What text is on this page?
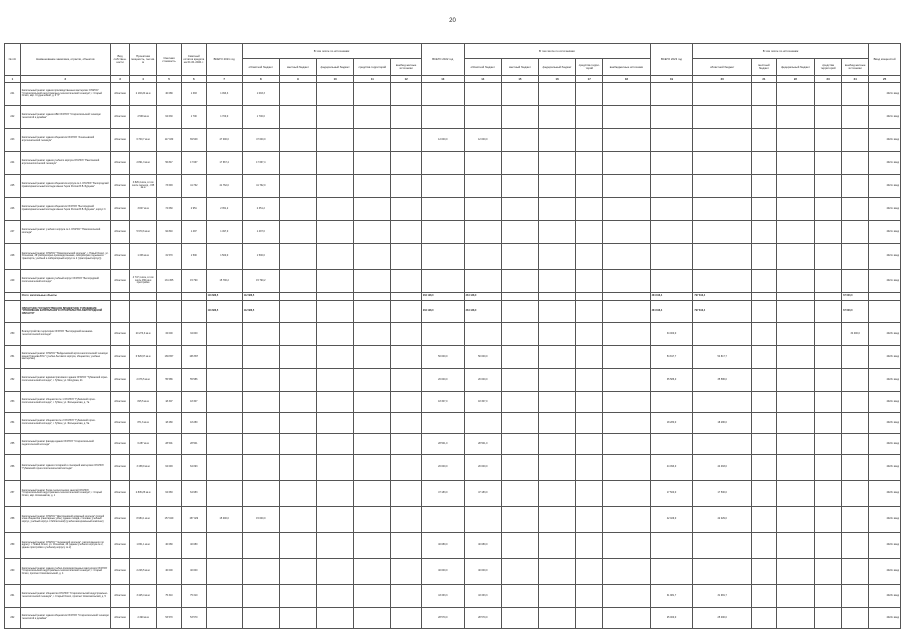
20
№ п/п	Наименование заказчика, отрасли, объектов	Вид собствен-ности	Проектная мощность, тыс.кв. м	Сметная стоимость	Сметный остаток кредита на 01.01.2021 г.	ВСЕГО 2021 год	В том числе по источникам:					ВСЕГО 2022 год	В том числе по источникам:					ВСЕГО 2023 год	В том числе по источникам:					Ввод мощностей
							областной бюджет	местный бюджет	федеральный бюджет	средства территорий	внебюд-жетные источники		областной бюджет	местный бюджет	федеральный бюджет	средства терри-торий	внебюджетные источники		областной бюджет	местный бюджет	федеральный бюджет	средства территорий	внебюд-жетные источники	
1	2	3	4	5	6	7	8	9	10	11	12	13	14	15	16	17	18	19	20	21	22	23	24	25
241	Капитальный ремонт здания производственных мастерских ОГАПОУ "Старооскольский индустриально-технологический техникум", г. Старый Оскол, мкр. Студенческий, д. 6 "б"	областная	2 193,20 кв.м	40 089	1 393	1 093,3	1 093,3																	2021г. ввод
242	Капитальный ремонт здания АБК ОГАПОУ "Старооскольский техникум технологий и дизайна"	областная	2 569 кв.м	64 630	1 700	1 700,0	1 700,0																	2021г. ввод
243	Капитальный ремонт здания общежития ОГАПОУ "Алексеевский агротехнический техникум"	областная	6 700,7 кв.м	117 030	69 549	47 000,0	47 000,0					12 000,0	12 000,0											2022г. ввод
244	Капитальный ремонт здания учебного корпуса ОГАПОУ "Ракитянский агротехнологический техникум"	областная	2 891,3 кв.м	56 847	17 667	17 667,4	17 667,4																	2021г. ввод
245	Капитальный ремонт здания общежития корпуса № 1 ОГАПОУ "Белгородский правоохранительный колледж имени Героя России В.В. Бурцева"	областная	3 826,4 кв.м, в том числе переход - 155 кв.м	73 693	41 762	41 762,0	41 762,0																	2021г. ввод
246	Капитальный ремонт здания общежития ОГАПОУ "Белгородский правоохранительный колледж имени Героя России В.В. Бурцева", корпус 3	областная	3 847 кв.м	74 660	2 951	2 351,2	2 351,2																	2021г. ввод
247	Капитальный ремонт учебного корпуса № 1 ОГАПОУ "Новооскольский колледж"	областная	5 970,6 кв.м	92 840	1 497	1 497,0	1 497,0																	2021г. ввод
248	Капитальный ремонт ОГАПОУ "Новооскольский колледж", г. Новый Оскол, ул. Успенская, 48 (лабораторно-производственная, лаборатории подъемного транспорта, учебный и лабораторный корпус № 2 (тракторный корпус))	областная	1 336 кв.м	31 570	1 500	1 500,0	1 500,0																	2021г. ввод
249	Капитальный ремонт здания учебный корпус ОГАПОУ "Белгородский политехнический колледж"	областная	4 747,1 кв.м, в том числе 450 кв.м пристройки	131 455	15 790	15 790,2	15 790,2																	2021г. ввод
	Итого: капитальные объекты					113 686,5	112 686,5					264 128,0	264 128,0					464 816,4	797 816,4				67 000,0	
	ОБЛАСТНОЕ ГОСУДАРСТВЕННОЕ БЮДЖЕТНОЕ УЧРЕЖДЕНИЕ "УПРАВЛЕНИЕ КАПИТАЛЬНОГО СТРОИТЕЛЬСТВА БЕЛГОРОДСКОЙ ОБЛАСТИ"					113 686,5	112 686,5					264 128,0	264 128,0					464 816,4	797 816,4				67 000,0	
250	Благоустройство территории ОГАПОУ "Белгородский механико-технологический колледж"	областная	20 273,3 кв.м	34 000	34 000													34 000,0					34 000,0	2023г. ввод
251	Капитальный ремонт ОГАПОУ "Вейделевский агротехнологический техникум имени Грязнова В.М." (учебно-бытового корпуса, общежития, учебных мастерских)	областная	6 529,97 кв.м	166 657	166 657							50 000,0	50 000,0					54 817,7	54 817,7					2023г. ввод
252	Капитальный ремонт административного здания ОГАПОУ "Губкинский горно-политехнический колледж", г. Губкин, ул. Мичурина, 21	областная	2 076,5 кв.м	55 586	55 586							20 000,0	20 000,0					35 586,0	35 586,0					2023г. ввод
253	Капитальный ремонт общежития № 1 ОГАПОУ "Губкинский горно-политехнический колледж", г. Губкин, ул. Фатьщенская, д. 7а	областная	815,5 кв.м	18 307	18 307							18 307,0	18 307,0											2022г. ввод
254	Капитальный ремонт общежития № 2 ОГАПОУ "Губкинский горно-политехнический колледж", г. Губкин, ул. Фатьщенская, д. 5а	областная	871,6 кв.м	18 280	18 280													18 280,0	18 280,0					2023г. ввод
255	Капитальный ремонт фасада здания ОГАПОУ "Старооскольский педагогический колледж"	областная	6 287 кв.м	28 501	28 501							28 501,0	28 501,0											2022г. ввод
256	Капитальный ремонт здания столярной и слесарной мастерских ОГАПОУ "Губкинский горно-политехнический колледж"	областная	3 158,9 кв.м	64 093	64 093							20 000,0	20 000,0					44 093,0	44 093,0					2023г. ввод
257	Капитальный ремонт блока теоретических занятий ОГАПОУ "Старооскольский индустриально-технологический техникум", г. Старый Оскол, мкр. Космонавтов, д. 1	областная	2 845,25 кв.м	64 683	64 683							47 183,0	47 183,0					17 500,0	17 500,0					2023г. ввод
258	Капитальный ремонт ОГАПОУ "Дмитриевский аграрный колледж" (второй этаж общежития (санитарные узлы), здание склада, столовая, учебный корпус, учебный корпус с библиотекой) (учебно-материальный комплекс)	областная	8 684,1 кв.м	157 029	157 029	15 000,0	15 000,0											42 029,0	42 029,0					2024г. ввод
259	Капитальный ремонт ОГАПОУ "Чернянский колледж", расположенного по адресу: г. Новый Оскол, ул. Успенская, 46 (здание учебного корпуса № 2, здание пристройки к учебному корпусу № 2)	областная	1 831,1 кв.м	40 080	40 080							40 080,0	40 080,0											2022г. ввод
260	Капитальный ремонт здания учебно-производственных мастерских ОГАПОУ "Старооскольский индустриально-технологический техникум", г. Старый Оскол, проспект Комсомольский, д. 4	областная	2 226,5 кв.м	40 000	40 000							40 000,0	40 000,0											2022г. ввод
261	Капитальный ремонт общежития ОГАПОУ "Старооскольский индустриально-технологический техникум", г. Старый Оскол, проспект Комсомольский, д. 5	областная	3 425,4 кв.м	75 310	75 310							43 333,3	43 333,3					31 981,7	31 981,7					2023г. ввод
262	Капитальный ремонт здания общежития ОГАПОУ "Старооскольский техникум технологий и дизайна"	областная	2 490 кв.м	53 570	53 570							28 570,0	28 570,0					25 000,0	25 000,0					2024г. ввод
